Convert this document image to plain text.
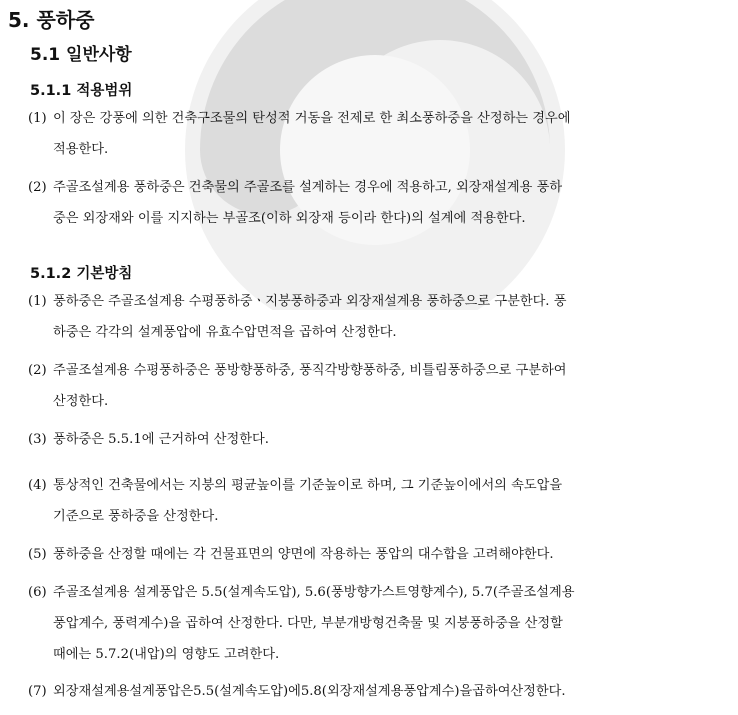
5. 풍하중
5.1 일반사항
5.1.1 적용범위
(1) 이 장은 강풍에 의한 건축구조물의 탄성적 거동을 전제로 한 최소풍하중을 산정하는 경우에
적용한다.
(2) 주골조설계용 풍하중은 건축물의 주골조를 설계하는 경우에 적용하고, 외장재설계용 풍하
중은 외장재와 이를 지지하는 부골조(이하 외장재 등이라 한다)의 설계에 적용한다.
5.1.2 기본방침
(1) 풍하중은 주골조설계용 수평풍하중ㆍ지붕풍하중과 외장재설계용 풍하중으로 구분한다. 풍
하중은 각각의 설계풍압에 유효수압면적을 곱하여 산정한다.
(2) 주골조설계용 수평풍하중은 풍방향풍하중, 풍직각방향풍하중, 비틀림풍하중으로 구분하여
산정한다.
(3) 풍하중은 5.5.1에 근거하여 산정한다.
(4) 통상적인 건축물에서는 지붕의 평균높이를 기준높이로 하며, 그 기준높이에서의 속도압을
기준으로 풍하중을 산정한다.
(5) 풍하중을 산정할 때에는 각 건물표면의 양면에 작용하는 풍압의 대수합을 고려해야한다.
(6) 주골조설계용 설계풍압은 5.5(설계속도압), 5.6(풍방향가스트영향계수), 5.7(주골조설계용
풍압계수, 풍력계수)을 곱하여 산정한다. 다만, 부분개방형건축물 및 지붕풍하중을 산정할
때에는 5.7.2(내압)의 영향도 고려한다.
(7) 외장재설계용설계풍압은5.5(설계속도압)에5.8(외장재설계용풍압계수)을곱하여산정한다.
